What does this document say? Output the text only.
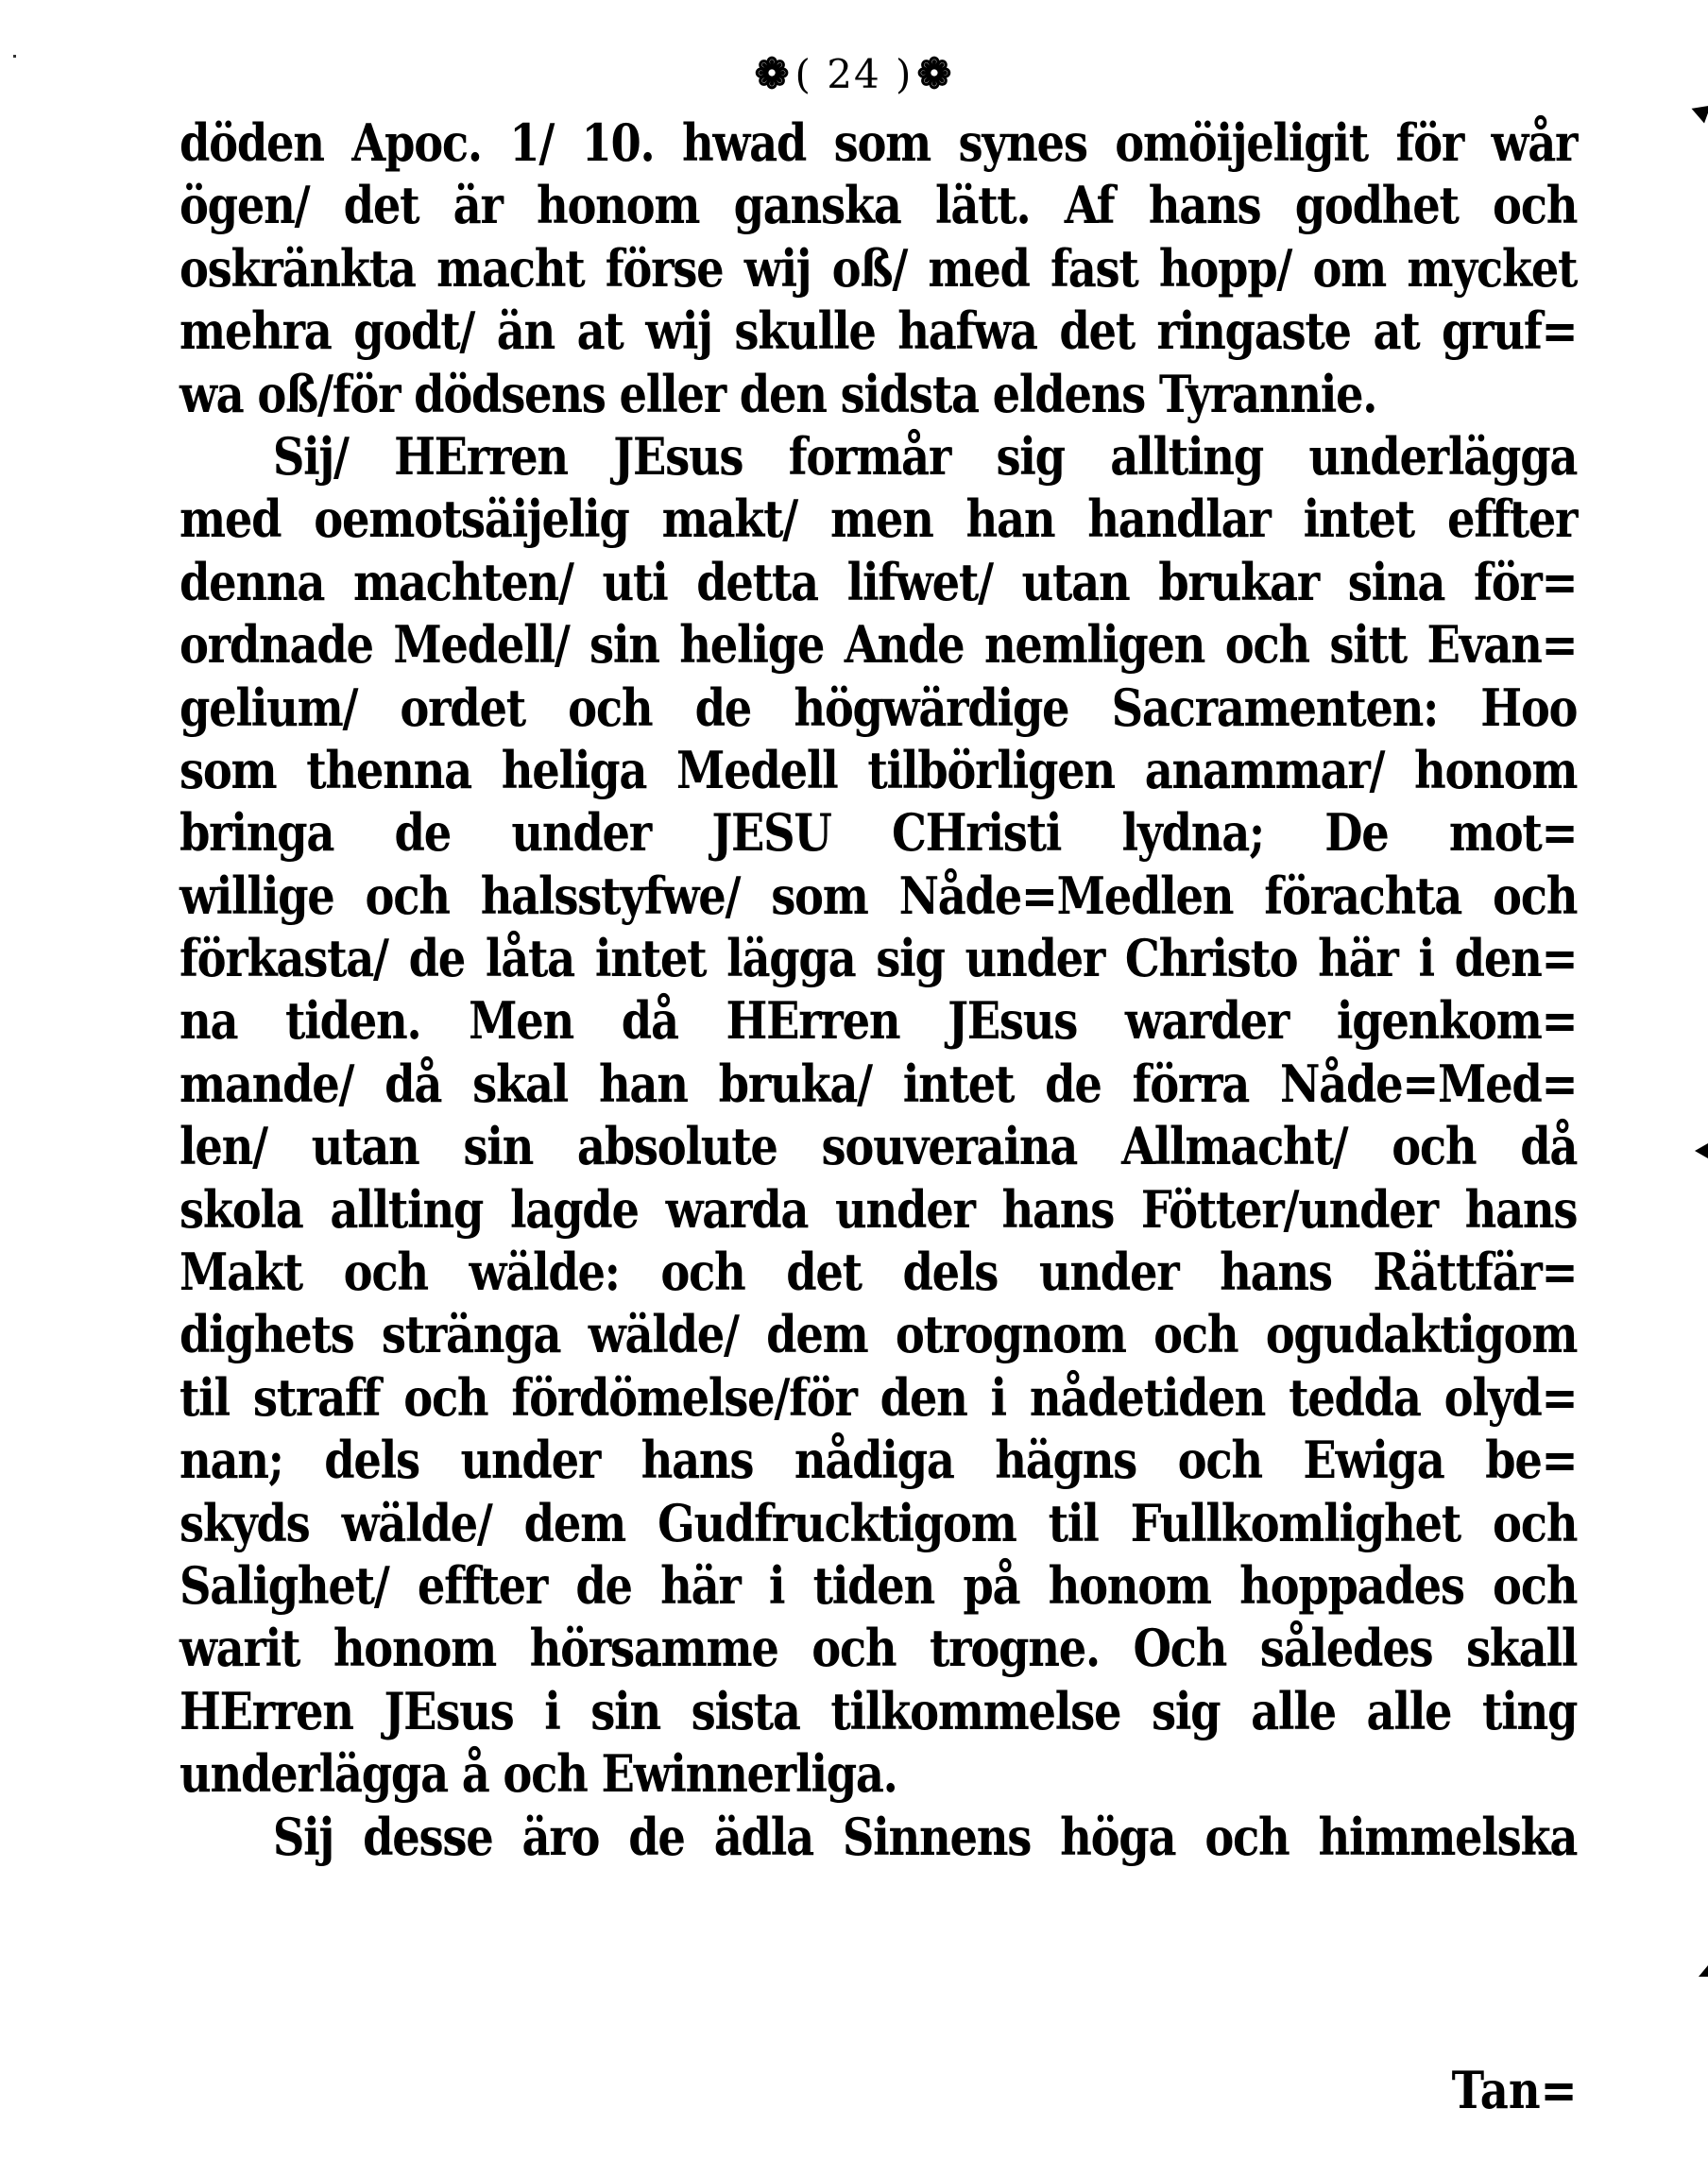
❁( 24 )❁
döden Apoc. 1/ 10. hwad som synes omöijeligit för wår
ögen/ det är honom ganska lätt. Af hans godhet och
oskränkta macht förse wij oß/ med fast hopp/ om mycket
mehra godt/ än at wij skulle hafwa det ringaste at gruf=
wa oß/för dödsens eller den sidsta eldens Tyrannie.
Sij/ HErren JEsus formår sig allting underlägga
med oemotsäijelig makt/ men han handlar intet effter
denna machten/ uti detta lifwet/ utan brukar sina för=
ordnade Medell/ sin helige Ande nemligen och sitt Evan=
gelium/ ordet och de högwärdige Sacramenten: Hoo
som thenna heliga Medell tilbörligen anammar/ honom
bringa de under JESU CHristi lydna; De mot=
willige och halsstyfwe/ som Nåde=Medlen förachta och
förkasta/ de låta intet lägga sig under Christo här i den=
na tiden. Men då HErren JEsus warder igenkom=
mande/ då skal han bruka/ intet de förra Nåde=Med=
len/ utan sin absolute souveraina Allmacht/ och då
skola allting lagde warda under hans Fötter/under hans
Makt och wälde: och det dels under hans Rättfär=
dighets stränga wälde/ dem otrognom och ogudaktigom
til straff och fördömelse/för den i nådetiden tedda olyd=
nan; dels under hans nådiga hägns och Ewiga be=
skyds wälde/ dem Gudfrucktigom til Fullkomlighet och
Salighet/ effter de här i tiden på honom hoppades och
warit honom hörsamme och trogne. Och således skall
HErren JEsus i sin sista tilkommelse sig alle alle ting
underlägga å och Ewinnerliga.
Sij desse äro de ädla Sinnens höga och himmelska
Tan=
